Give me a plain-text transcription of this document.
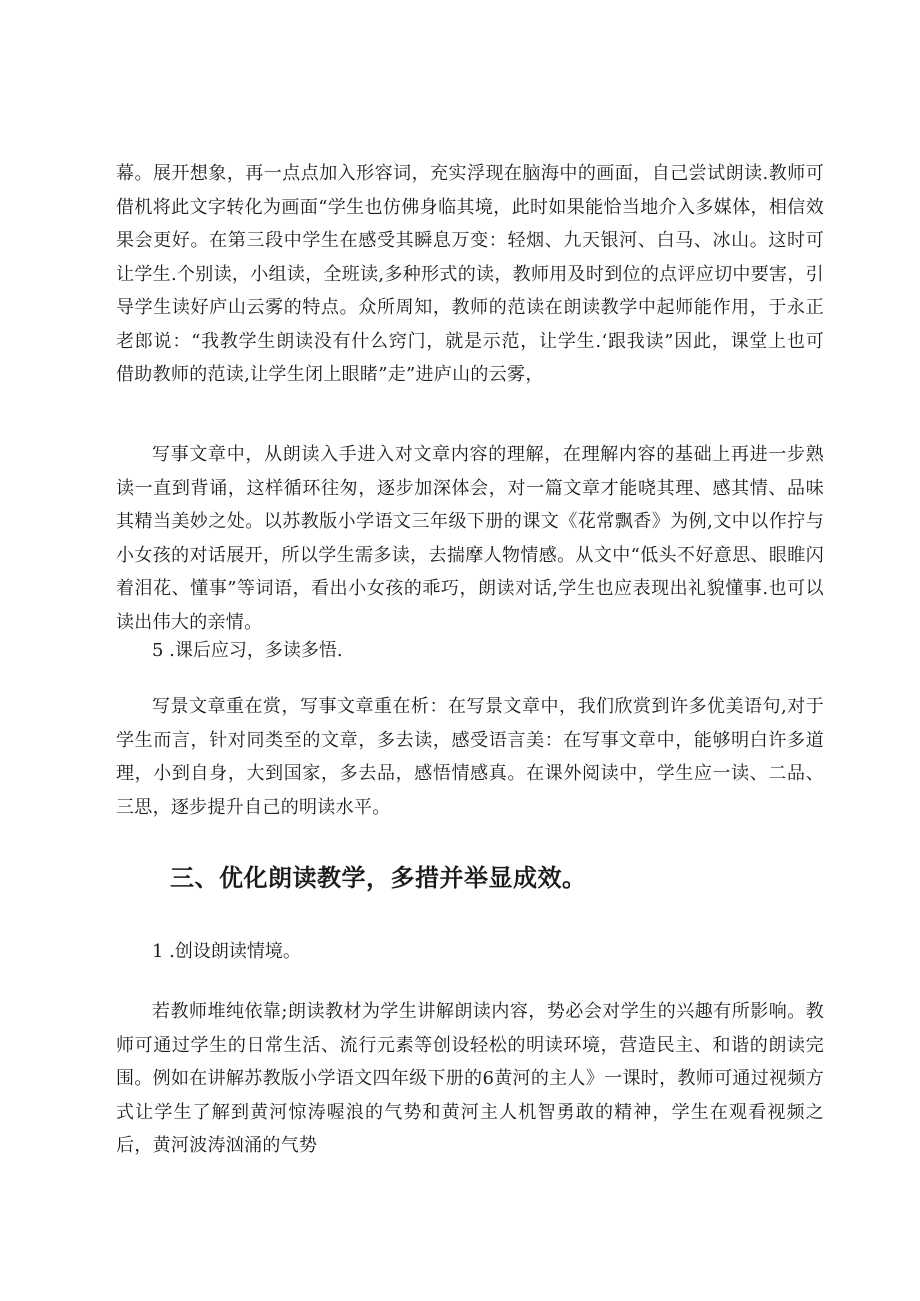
幕。展开想象，再一点点加入形容词，充实浮现在脑海中的画面，自己尝试朗读.教师可借机将此文字转化为画面“学生也仿佛身临其境，此时如果能恰当地介入多媒体，相信效果会更好。在第三段中学生在感受其瞬息万变：轻烟、九天银河、白马、冰山。这时可让学生.个别读，小组读，全班读,多种形式的读，教师用及时到位的点评应切中要害，引导学生读好庐山云雾的特点。众所周知，教师的范读在朗读教学中起师能作用，于永正老郎说：“我教学生朗读没有什么窍门，就是示范，让学生.‘跟我读”因此，课堂上也可借助教师的范读,让学生闭上眼睹”走”进庐山的云雾，

写事文章中，从朗读入手进入对文章内容的理解，在理解内容的基础上再进一步熟读一直到背诵，这样循环往匆，逐步加深体会，对一篇文章才能哓其理、感其情、品味其精当美妙之处。以苏教版小学语文三年级下册的课文《花常飘香》为例,文中以作拧与小女孩的对话展开，所以学生需多读，去揣摩人物情感。从文中“低头不好意思、眼睢闪着泪花、懂事”等词语，看出小女孩的乖巧，朗读对话,学生也应表现出礼貌懂事.也可以读出伟大的亲情。

5 .课后应习，多读多悟.

写景文章重在赏，写事文章重在析：在写景文章中，我们欣赏到许多优美语句,对于学生而言，针对同类至的文章，多去读，感受语言美：在写事文章中，能够明白许多道理，小到自身，大到国家，多去品，感悟情感真。在课外阅读中，学生应一读、二品、三思，逐步提升自己的明读水平。

三、优化朗读教学，多措并举显成效。

1 .创设朗读情境。

若教师堆纯依靠;朗读教材为学生讲解朗读内容，势必会对学生的兴趣有所影响。教师可通过学生的日常生活、流行元素等创设轻松的明读环境，营造民主、和谐的朗读完围。例如在讲解苏教版小学语文四年级下册的6黄河的主人》一课时，教师可通过视频方式让学生了解到黄河惊涛喔浪的气势和黄河主人机智勇敢的精神，学生在观看视频之后，黄河波涛汹涌的气势
